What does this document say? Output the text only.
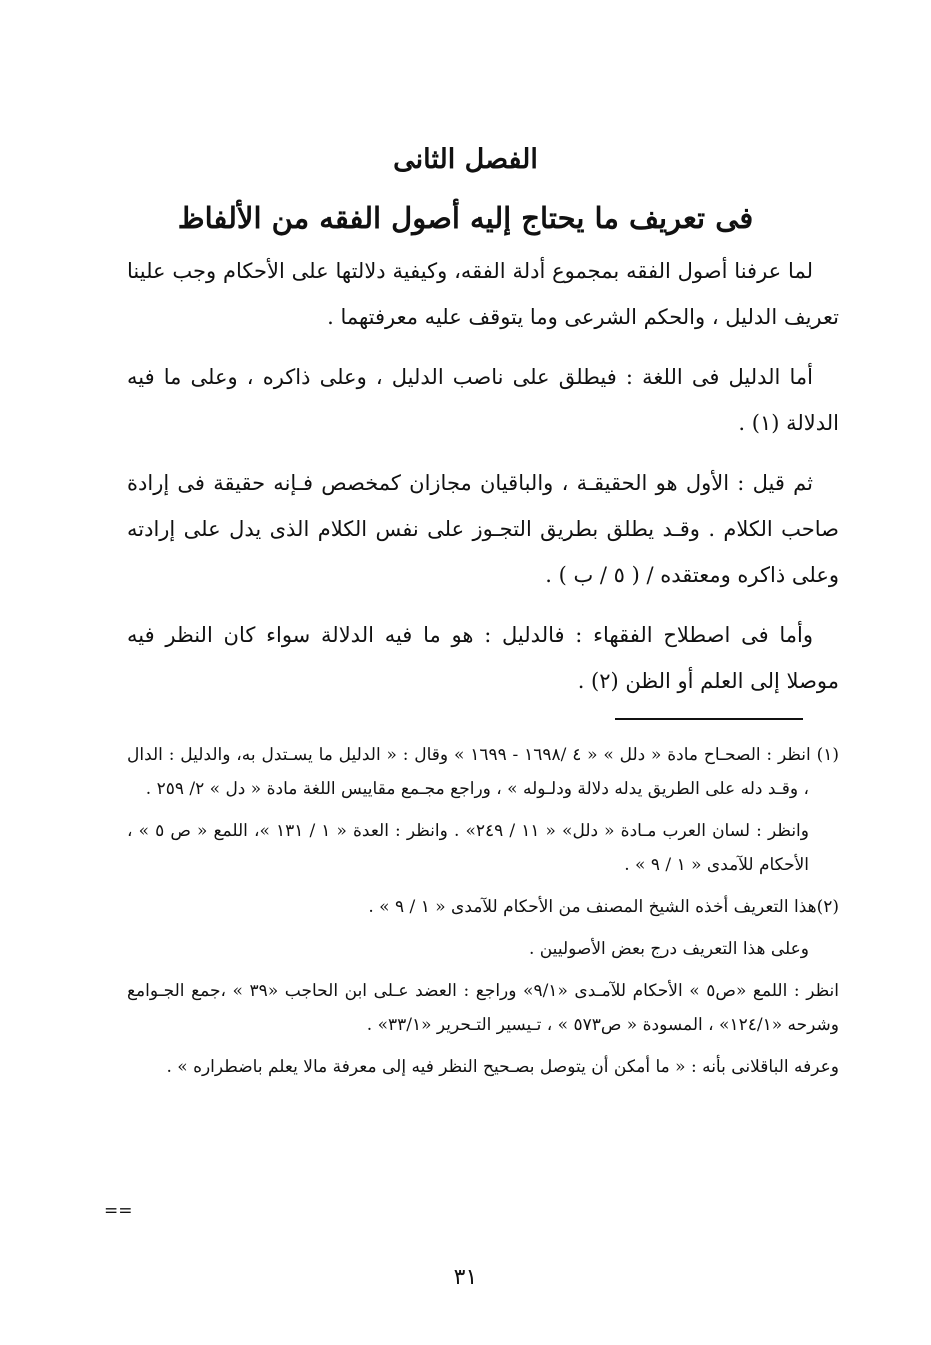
الفصل الثانى
فى تعريف ما يحتاج إليه أصول الفقه من الألفاظ

لما عرفنا أصول الفقه بمجموع أدلة الفقه، وكيفية دلالتها على الأحكام وجب علينا تعريف الدليل ، والحكم الشرعى وما يتوقف عليه معرفتهما .

أما الدليل فى اللغة : فيطلق على ناصب الدليل ، وعلى ذاكره ، وعلى ما فيه الدلالة (١) .

ثم قيل : الأول هو الحقيقـة ، والباقيان مجازان كمخصص فـإنه حقيقة فى إرادة صاحب الكلام . وقـد يطلق بطريق التجـوز على نفس الكلام الذى يدل على إرادته وعلى ذاكره ومعتقده / ( ٥ / ب ) .

وأما فى اصطلاح الفقهاء : فالدليل : هو ما فيه الدلالة سواء كان النظر فيه موصلا إلى العلم أو الظن (٢) .

(١) انظر : الصحـاح مادة « دلل » « ٤ /١٦٩٨ - ١٦٩٩ » وقال : « الدليل ما يسـتدل به، والدليل : الدال ، وقـد دله على الطريق يدله دلالة ودلـوله » ، وراجع مجـمع مقاييس اللغة مادة « دل » ٢/ ٢٥٩ .

وانظر : لسان العرب مـادة « دلل» « ١١ / ٢٤٩» . وانظر : العدة « ١ / ١٣١ »، اللمع « ص ٥ » ، الأحكام للآمدى « ١ / ٩ » .

(٢)هذا التعريف أخذه الشيخ المصنف من الأحكام للآمدى « ١ / ٩ » .

وعلى هذا التعريف درج بعض الأصوليين .

انظر : اللمع «ص٥ » الأحكام للآمـدى «٩/١» وراجع : العضد عـلى ابن الحاجب «٣٩ » ،جمع الجـوامع وشرحه «١٢٤/١» ، المسودة « ص٥٧٣ » ، تـيسير التـحرير «٣٣/١» .

وعرفه الباقلانى بأنه : « ما أمكن أن يتوصل بصـحيح النظر فيه إلى معرفة مالا يعلم باضطراره » .

==
٣١
